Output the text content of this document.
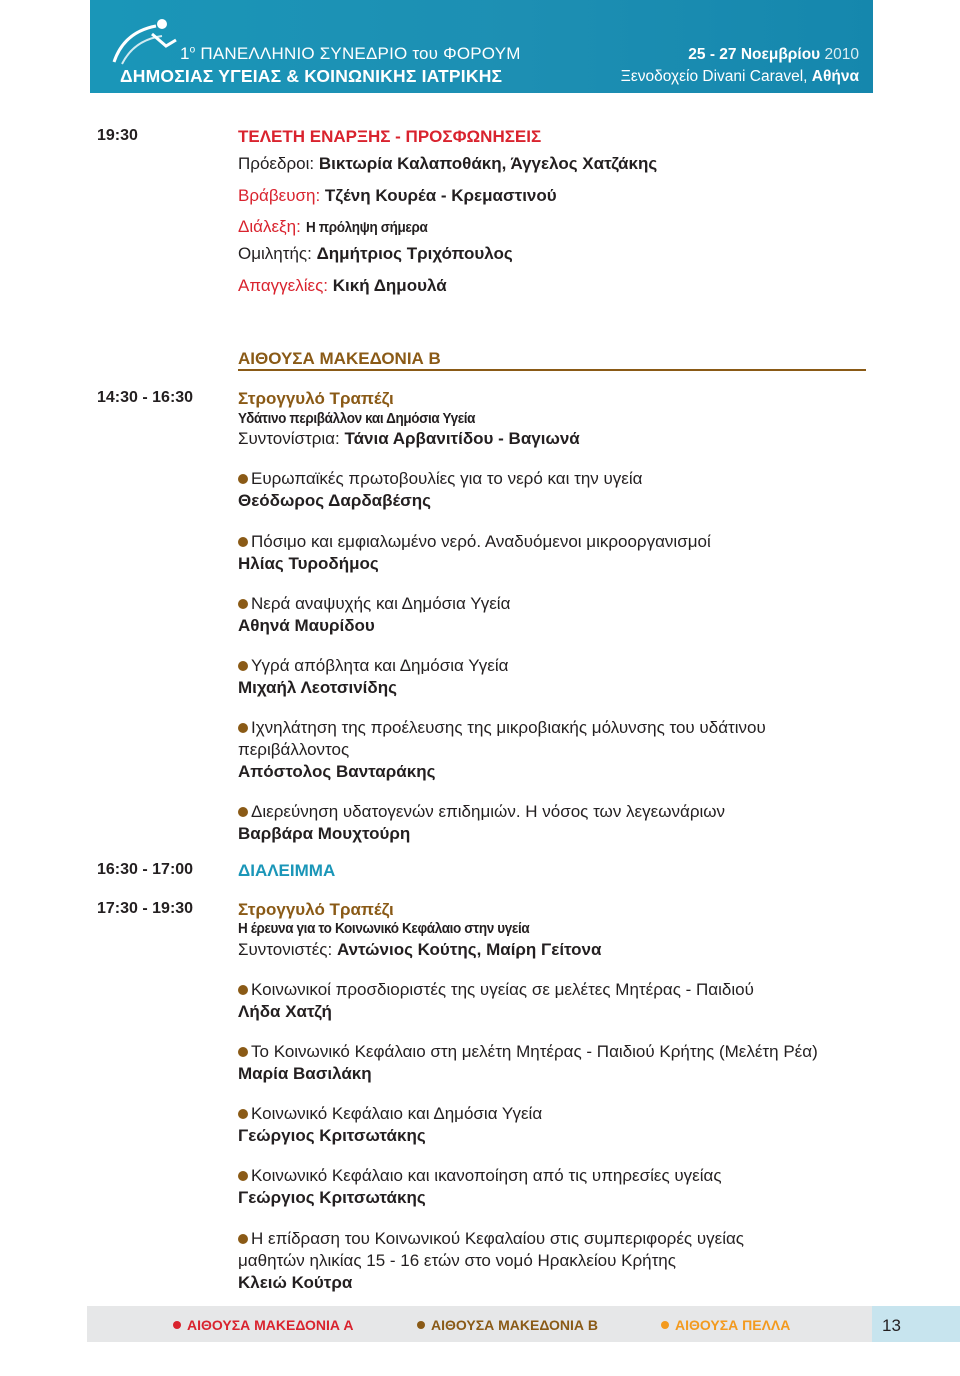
$1^o$ ΠΑΝΕΛΛΗΝΙΟ ΣΥΝΕΔΡΙΟ του ΦΟΡΟΥΜ
ΔΗΜΟΣΙΑΣ ΥΓΕΙΑΣ & ΚΟΙΝΩΝΙΚΗΣ ΙΑΤΡΙΚΗΣ
25 - 27 Νοεμβρίου 2010
Ξενοδοχείο Divani Caravel, Αθήνα
19:30	ΤΕΛΕΤΗ ΕΝΑΡΞΗΣ - ΠΡΟΣΦΩΝΗΣΕΙΣ
Πρόεδροι: Βικτωρία Καλαποθάκη, Άγγελος Χατζάκης
Βράβευση: Τζένη Κουρέα - Κρεμαστινού
Διάλεξη: Η πρόληψη σήμερα
Ομιλητής: Δημήτριος Τριχόπουλος
Απαγγελίες: Κική Δημουλά
ΑΙΘΟΥΣΑ ΜΑΚΕΔΟΝΙΑ Β
14:30 - 16:30	Στρογγυλό Τραπέζι
Υδάτινο περιβάλλον και Δημόσια Υγεία
Συντονίστρια: Τάνια Αρβανιτίδου - Βαγιωνά
Ευρωπαϊκές πρωτοβουλίες για το νερό και την υγεία
Θεόδωρος Δαρδαβέσης
Πόσιμο και εμφιαλωμένο νερό. Αναδυόμενοι μικροοργανισμοί
Ηλίας Τυροδήμος
Νερά αναψυχής και Δημόσια Υγεία
Αθηνά Μαυρίδου
Υγρά απόβλητα και Δημόσια Υγεία
Μιχαήλ Λεοτσινίδης
Ιχνηλάτηση της προέλευσης της μικροβιακής μόλυνσης του υδάτινου
περιβάλλοντος
Απόστολος Βανταράκης
Διερεύνηση υδατογενών επιδημιών. Η νόσος των λεγεωνάριων
Βαρβάρα Μουχτούρη
16:30 - 17:00	ΔΙΑΛΕΙΜΜΑ
17:30 - 19:30	Στρογγυλό Τραπέζι
Η έρευνα για το Κοινωνικό Κεφάλαιο στην υγεία
Συντονιστές: Αντώνιος Κούτης, Μαίρη Γείτονα
Κοινωνικοί προσδιοριστές της υγείας σε μελέτες Μητέρας - Παιδιού
Λήδα Χατζή
Το Κοινωνικό Κεφάλαιο στη μελέτη Μητέρας - Παιδιού Κρήτης (Μελέτη Ρέα)
Μαρία Βασιλάκη
Κοινωνικό Κεφάλαιο και Δημόσια Υγεία
Γεώργιος Κριτσωτάκης
Κοινωνικό Κεφάλαιο και ικανοποίηση από τις υπηρεσίες υγείας
Γεώργιος Κριτσωτάκης
Η επίδραση του Κοινωνικού Κεφαλαίου στις συμπεριφορές υγείας
μαθητών ηλικίας 15 - 16 ετών στο νομό Ηρακλείου Κρήτης
Κλειώ Κούτρα
ΑΙΘΟΥΣΑ ΜΑΚΕΔΟΝΙΑ Α	ΑΙΘΟΥΣΑ ΜΑΚΕΔΟΝΙΑ Β	ΑΙΘΟΥΣΑ ΠΕΛΛΑ	13
